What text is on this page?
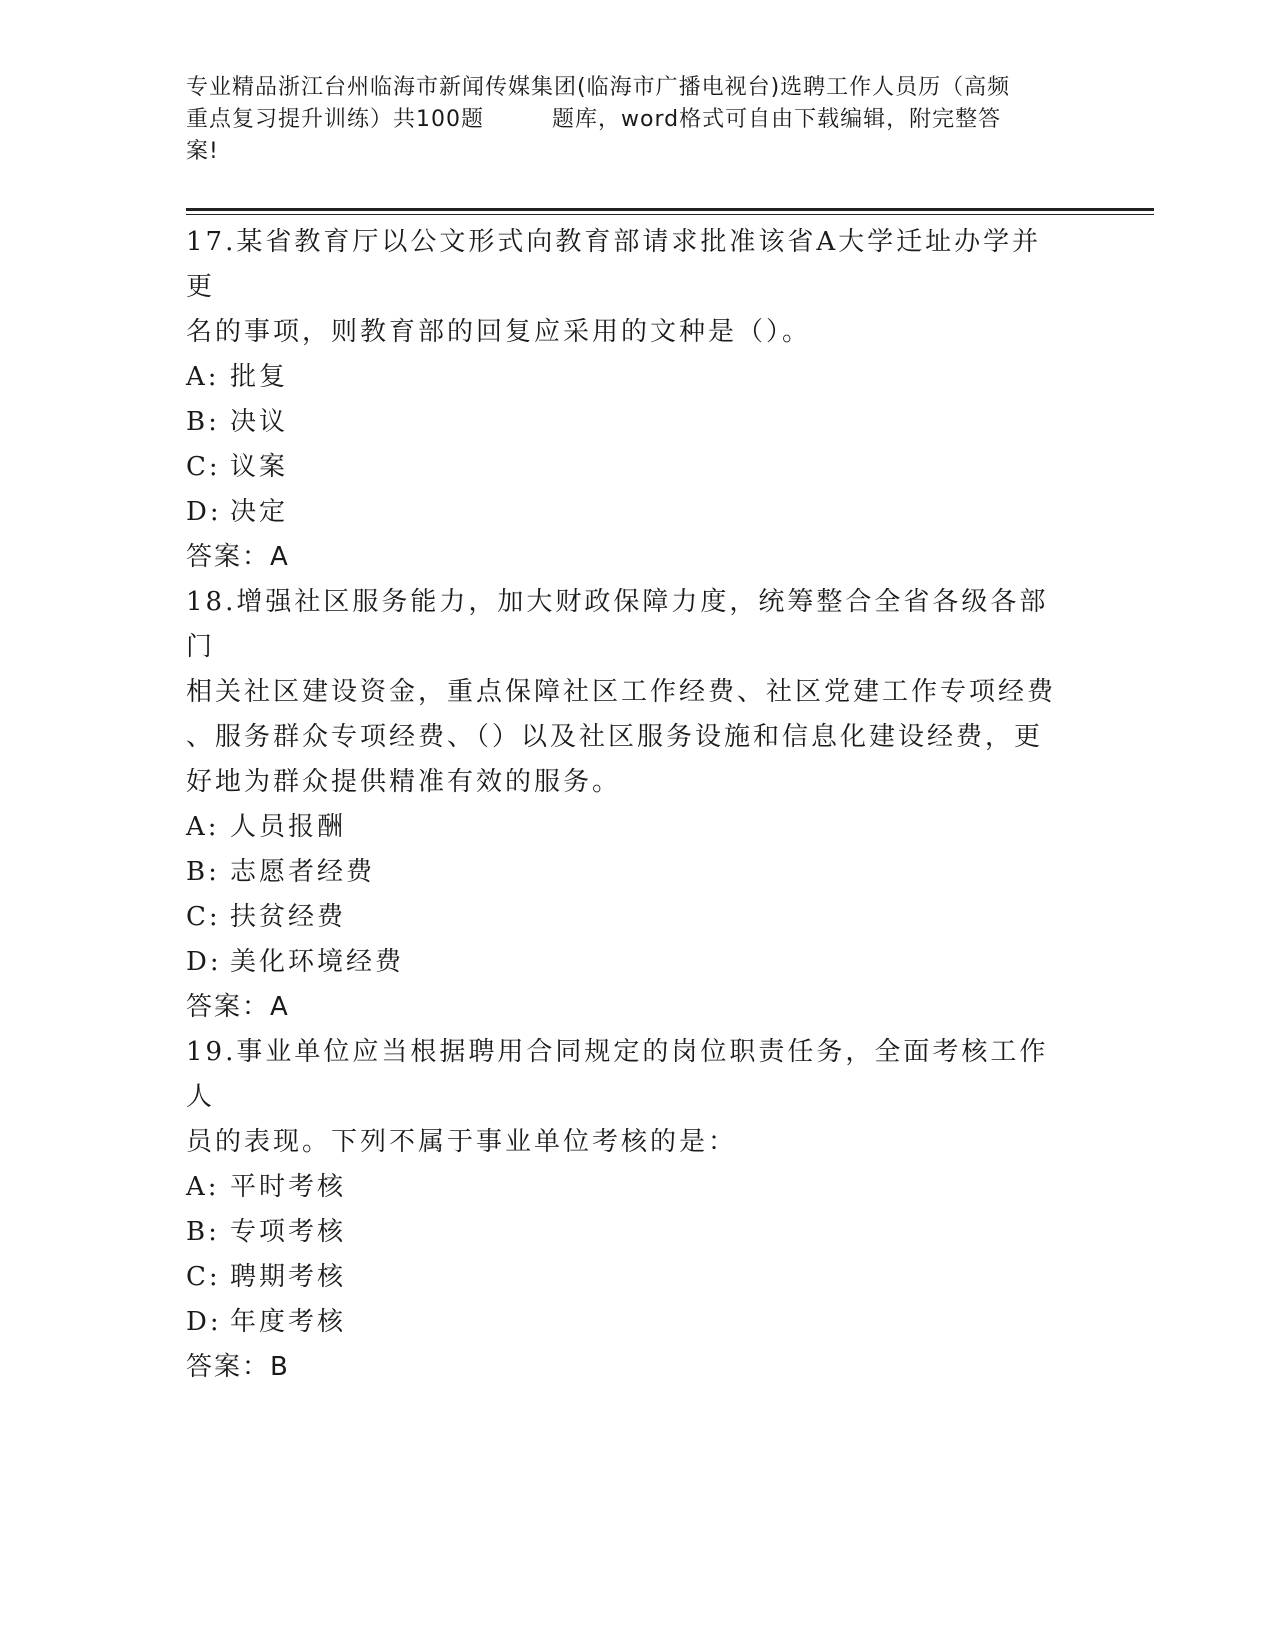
专业精品浙江台州临海市新闻传媒集团(临海市广播电视台)选聘工作人员历（高频
重点复习提升训练）共100题	题库，word格式可自由下载编辑，附完整答
案!

17.某省教育厅以公文形式向教育部请求批准该省A大学迁址办学并更

名的事项，则教育部的回复应采用的文种是（）。

A: 批复

B: 决议

C: 议案

D: 决定

答案：A

18.增强社区服务能力，加大财政保障力度，统筹整合全省各级各部门

相关社区建设资金，重点保障社区工作经费、社区党建工作专项经费

、服务群众专项经费、（）以及社区服务设施和信息化建设经费，更

好地为群众提供精准有效的服务。

A: 人员报酬

B: 志愿者经费

C: 扶贫经费

D: 美化环境经费

答案：A

19.事业单位应当根据聘用合同规定的岗位职责任务，全面考核工作人

员的表现。下列不属于事业单位考核的是：

A: 平时考核

B: 专项考核

C: 聘期考核

D: 年度考核

答案：B
